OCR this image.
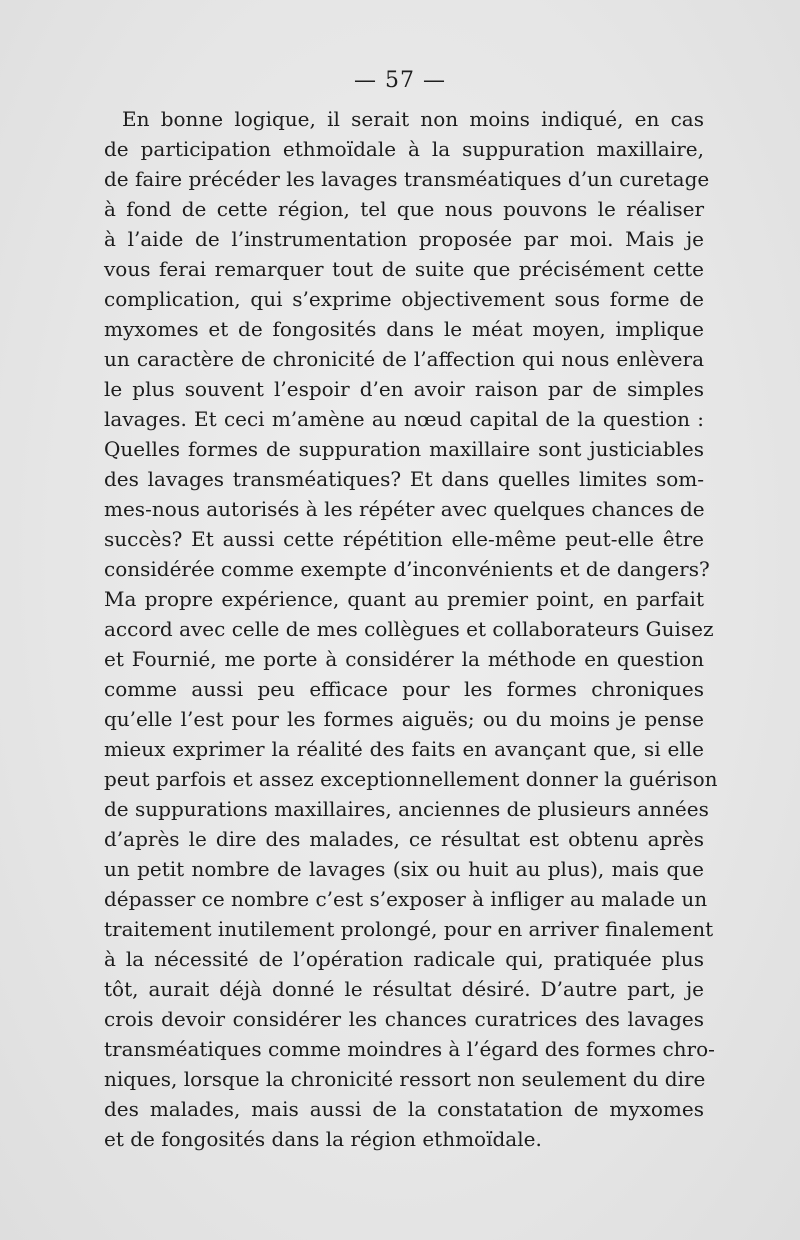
— 57 —
En bonne logique, il serait non moins indiqué, en cas
de participation ethmoïdale à la suppuration maxillaire,
de faire précéder les lavages transméatiques d’un curetage
à fond de cette région, tel que nous pouvons le réaliser
à l’aide de l’instrumentation proposée par moi. Mais je
vous ferai remarquer tout de suite que précisément cette
complication, qui s’exprime objectivement sous forme de
myxomes et de fongosités dans le méat moyen, implique
un caractère de chronicité de l’affection qui nous enlèvera
le plus souvent l’espoir d’en avoir raison par de simples
lavages. Et ceci m’amène au nœud capital de la question :
Quelles formes de suppuration maxillaire sont justiciables
des lavages transméatiques? Et dans quelles limites som-
mes-nous autorisés à les répéter avec quelques chances de
succès? Et aussi cette répétition elle-même peut-elle être
considérée comme exempte d’inconvénients et de dangers?
Ma propre expérience, quant au premier point, en parfait
accord avec celle de mes collègues et collaborateurs Guisez
et Fournié, me porte à considérer la méthode en question
comme aussi peu efficace pour les formes chroniques
qu’elle l’est pour les formes aiguës; ou du moins je pense
mieux exprimer la réalité des faits en avançant que, si elle
peut parfois et assez exceptionnellement donner la guérison
de suppurations maxillaires, anciennes de plusieurs années
d’après le dire des malades, ce résultat est obtenu après
un petit nombre de lavages (six ou huit au plus), mais que
dépasser ce nombre c’est s’exposer à infliger au malade un
traitement inutilement prolongé, pour en arriver finalement
à la nécessité de l’opération radicale qui, pratiquée plus
tôt, aurait déjà donné le résultat désiré. D’autre part, je
crois devoir considérer les chances curatrices des lavages
transméatiques comme moindres à l’égard des formes chro-
niques, lorsque la chronicité ressort non seulement du dire
des malades, mais aussi de la constatation de myxomes
et de fongosités dans la région ethmoïdale.
